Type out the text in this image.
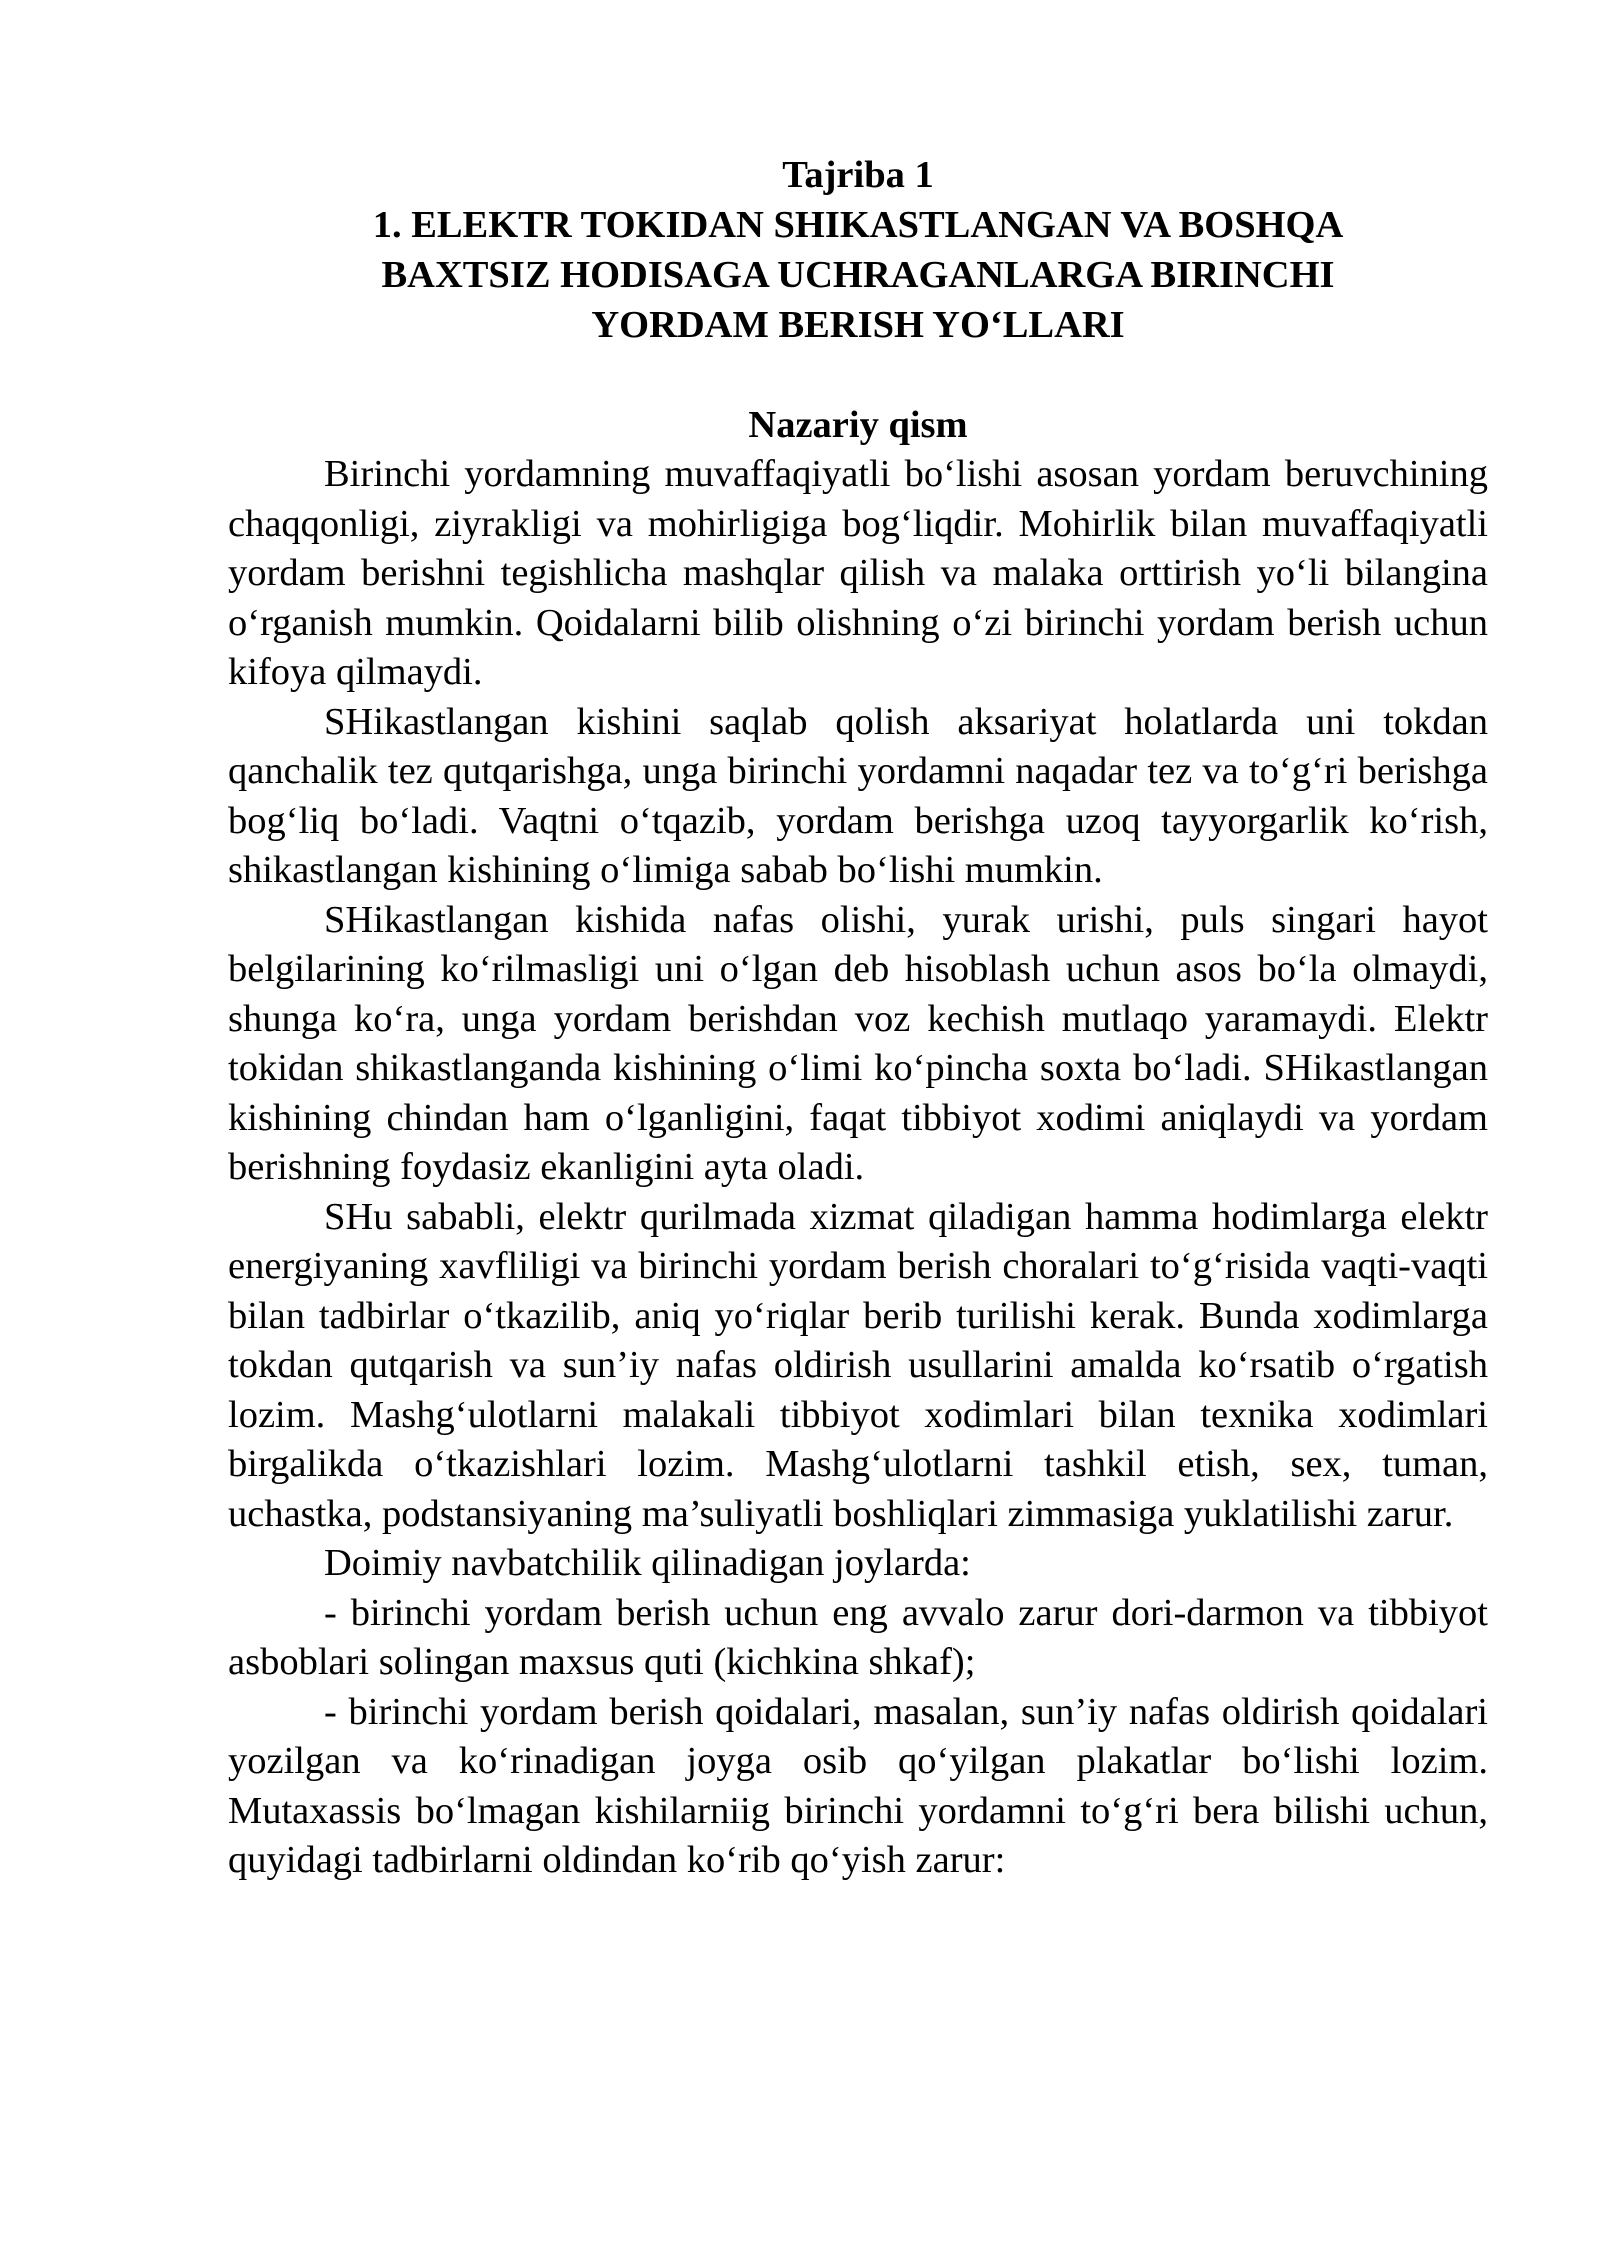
Tajriba 1
1. ELEKTR TOKIDAN SHIKASTLANGAN VA BOSHQA
BAXTSIZ HODISAGA UCHRAGANLARGA BIRINCHI
YORDAM BERISH YO‘LLARI
Nazariy qism

Birinchi yordamning muvaffaqiyatli bo‘lishi asosan yordam beruvchining chaqqonligi, ziyrakligi va mohirligiga bog‘liqdir. Mohirlik bilan muvaffaqiyatli yordam berishni tegishlicha mashqlar qilish va malaka orttirish yo‘li bilangina o‘rganish mumkin. Qoidalarni bilib olishning o‘zi birinchi yordam berish uchun kifoya qilmaydi.

SHikastlangan kishini saqlab qolish aksariyat holatlarda uni tokdan qanchalik tez qutqarishga, unga birinchi yordamni naqadar tez va to‘g‘ri berishga bog‘liq bo‘ladi. Vaqtni o‘tqazib, yordam berishga uzoq tayyorgarlik ko‘rish, shikastlangan kishining o‘limiga sabab bo‘lishi mumkin.

SHikastlangan kishida nafas olishi, yurak urishi, puls singari hayot belgilarining ko‘rilmasligi uni o‘lgan deb hisoblash uchun asos bo‘la olmaydi, shunga ko‘ra, unga yordam berishdan voz kechish mutlaqo yaramaydi. Elektr tokidan shikastlanganda kishining o‘limi ko‘pincha soxta bo‘ladi. SHikastlangan kishining chindan ham o‘lganligini, faqat tibbiyot xodimi aniqlaydi va yordam berishning foydasiz ekanligini ayta oladi.

SHu sababli, elektr qurilmada xizmat qiladigan hamma hodimlarga elektr energiyaning xavfliligi va birinchi yordam berish choralari to‘g‘risida vaqti-vaqti bilan tadbirlar o‘tkazilib, aniq yo‘riqlar berib turilishi kerak. Bunda xodimlarga tokdan qutqarish va sun’iy nafas oldirish usullarini amalda ko‘rsatib o‘rgatish lozim. Mashg‘ulotlarni malakali tibbiyot xodimlari bilan texnika xodimlari birgalikda o‘tkazishlari lozim. Mashg‘ulotlarni tashkil etish, sex, tuman, uchastka, podstansiyaning ma’suliyatli boshliqlari zimmasiga yuklatilishi zarur.

Doimiy navbatchilik qilinadigan joylarda:

- birinchi yordam berish uchun eng avvalo zarur dori-darmon va tibbiyot asboblari solingan maxsus quti (kichkina shkaf);

- birinchi yordam berish qoidalari, masalan, sun’iy nafas oldirish qoidalari yozilgan va ko‘rinadigan joyga osib qo‘yilgan plakatlar bo‘lishi lozim. Mutaxassis bo‘lmagan kishilarniig birinchi yordamni to‘g‘ri bera bilishi uchun, quyidagi tadbirlarni oldindan ko‘rib qo‘yish zarur:
